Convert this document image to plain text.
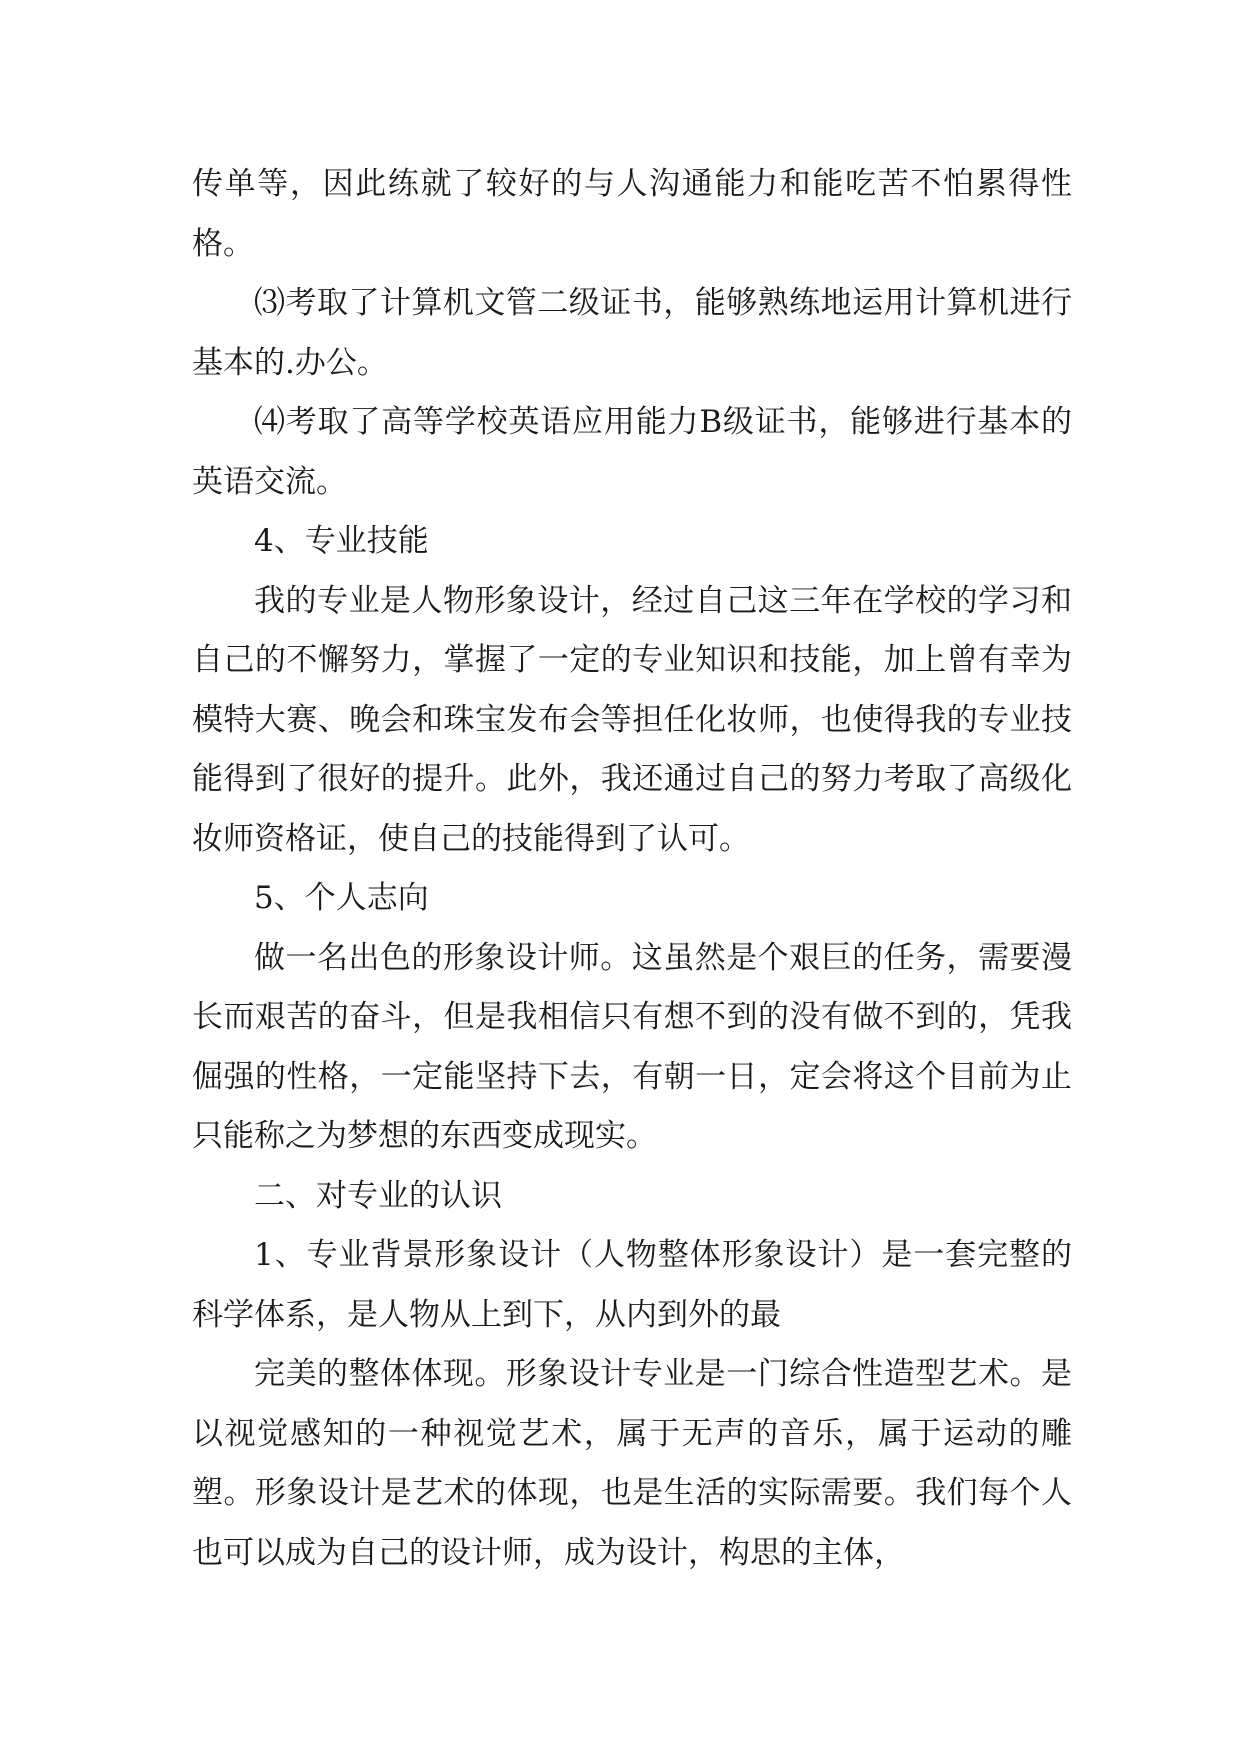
传单等，因此练就了较好的与人沟通能力和能吃苦不怕累得性格。

⑶考取了计算机文管二级证书，能够熟练地运用计算机进行基本的.办公。

⑷考取了高等学校英语应用能力B级证书，能够进行基本的英语交流。

4、专业技能

我的专业是人物形象设计，经过自己这三年在学校的学习和自己的不懈努力，掌握了一定的专业知识和技能，加上曾有幸为模特大赛、晚会和珠宝发布会等担任化妆师，也使得我的专业技能得到了很好的提升。此外，我还通过自己的努力考取了高级化妆师资格证，使自己的技能得到了认可。

5、个人志向

做一名出色的形象设计师。这虽然是个艰巨的任务，需要漫长而艰苦的奋斗，但是我相信只有想不到的没有做不到的，凭我倔强的性格，一定能坚持下去，有朝一日，定会将这个目前为止只能称之为梦想的东西变成现实。

二、对专业的认识

1、专业背景形象设计（人物整体形象设计）是一套完整的科学体系，是人物从上到下，从内到外的最

完美的整体体现。形象设计专业是一门综合性造型艺术。是以视觉感知的一种视觉艺术，属于无声的音乐，属于运动的雕塑。形象设计是艺术的体现，也是生活的实际需要。我们每个人也可以成为自己的设计师，成为设计，构思的主体，
